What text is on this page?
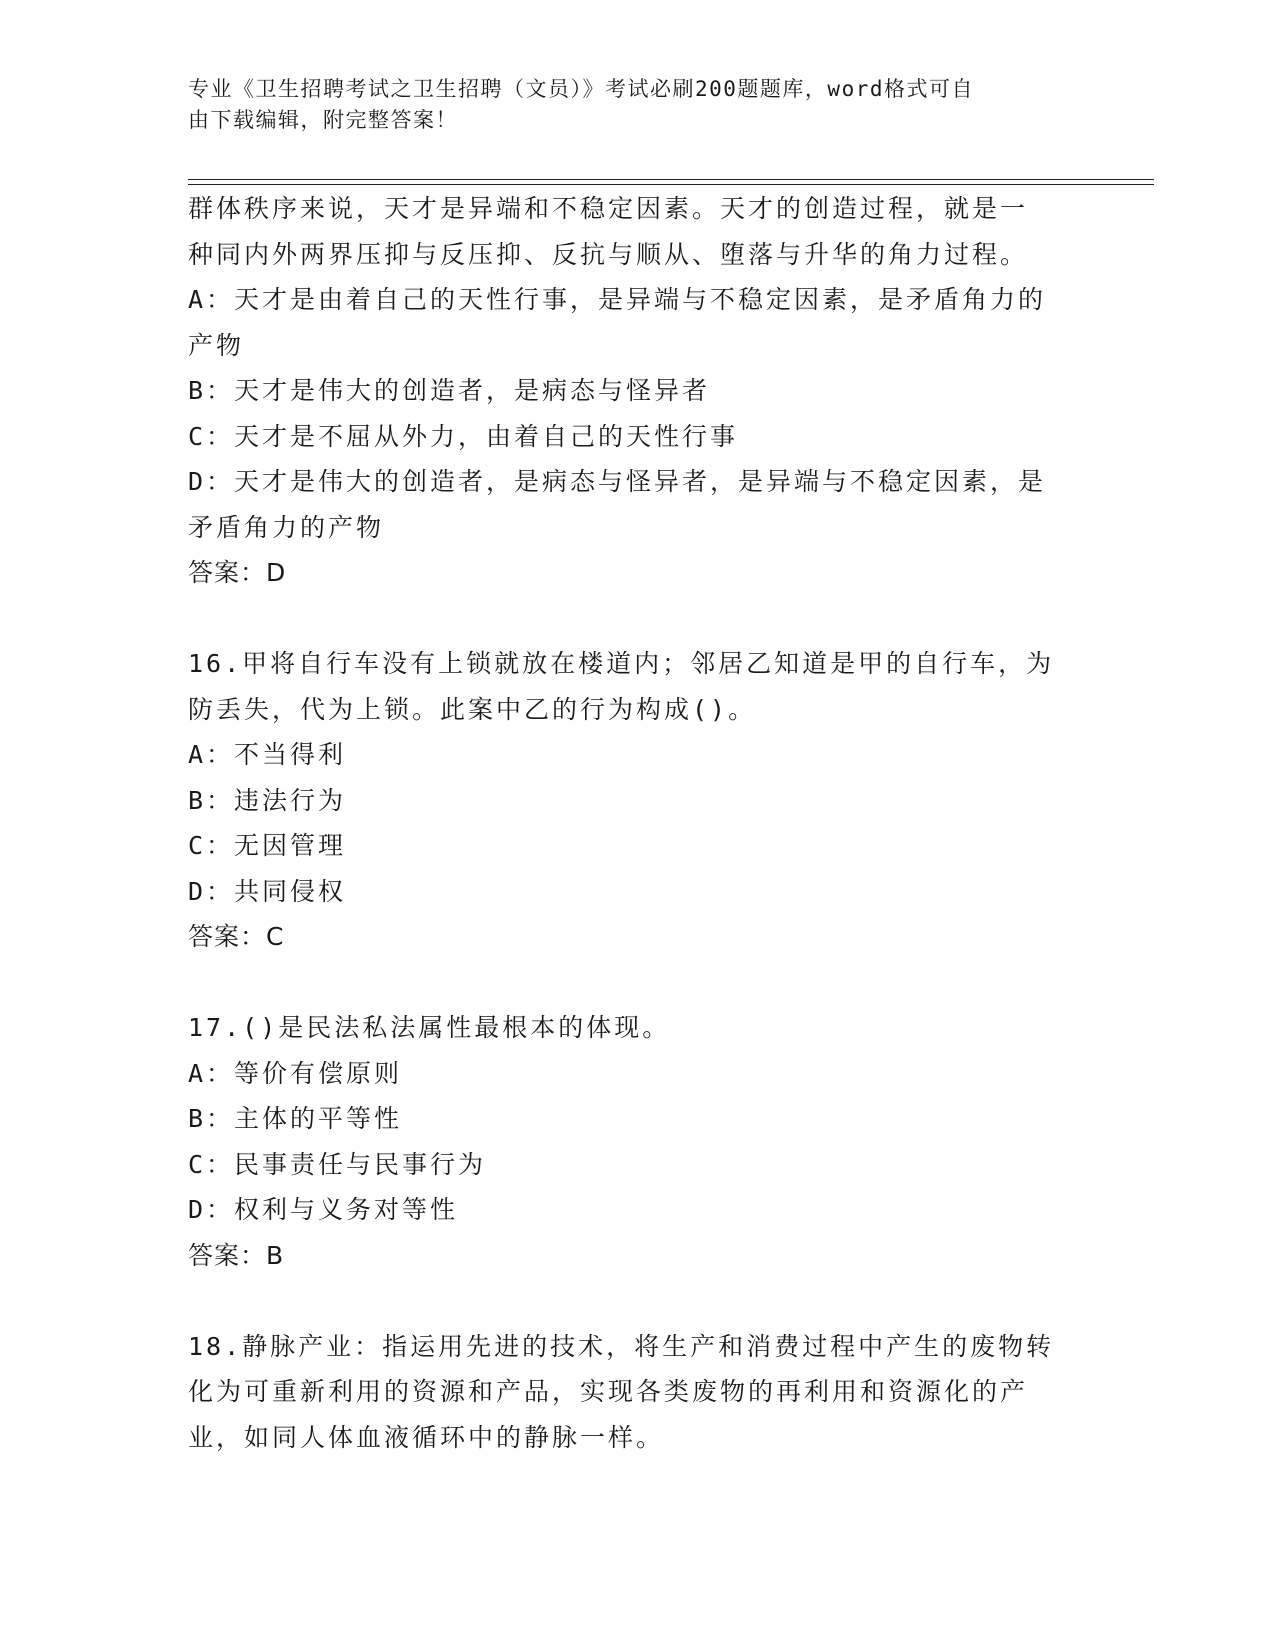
专业《卫生招聘考试之卫生招聘（文员）》考试必刷200题题库，word格式可自
由下载编辑，附完整答案！
群体秩序来说，天才是异端和不稳定因素。天才的创造过程，就是一
种同内外两界压抑与反压抑、反抗与顺从、堕落与升华的角力过程。
A：天才是由着自己的天性行事，是异端与不稳定因素，是矛盾角力的
产物
B：天才是伟大的创造者，是病态与怪异者
C：天才是不屈从外力，由着自己的天性行事
D：天才是伟大的创造者，是病态与怪异者，是异端与不稳定因素，是
矛盾角力的产物
答案：D
16.甲将自行车没有上锁就放在楼道内；邻居乙知道是甲的自行车，为
防丢失，代为上锁。此案中乙的行为构成()。
A：不当得利
B：违法行为
C：无因管理
D：共同侵权
答案：C
17.()是民法私法属性最根本的体现。
A：等价有偿原则
B：主体的平等性
C：民事责任与民事行为
D：权利与义务对等性
答案：B
18.静脉产业：指运用先进的技术，将生产和消费过程中产生的废物转
化为可重新利用的资源和产品，实现各类废物的再利用和资源化的产
业，如同人体血液循环中的静脉一样。
